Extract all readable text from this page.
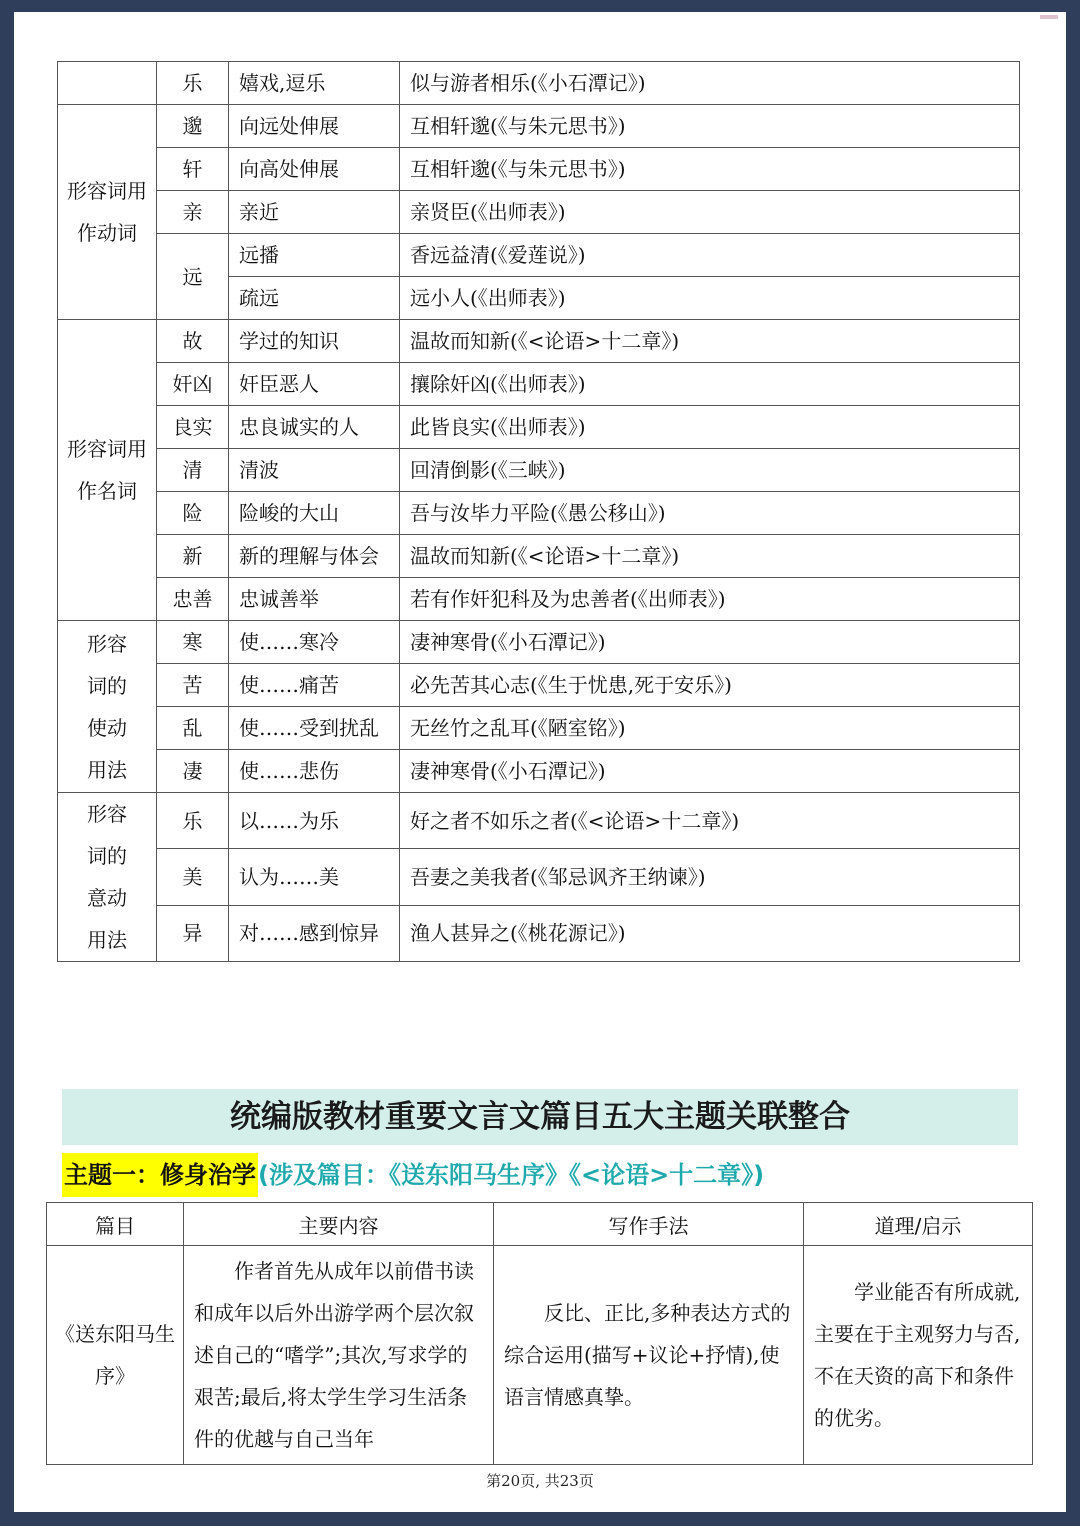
	乐	嬉戏,逗乐	似与游者相乐(《小石潭记》)

形容词用作动词	邈	向远处伸展	互相轩邈(《与朱元思书》)
	轩	向高处伸展	互相轩邈(《与朱元思书》)
	亲	亲近	亲贤臣(《出师表》)
	远	远播	香远益清(《爱莲说》)
		疏远	远小人(《出师表》)

形容词用作名词	故	学过的知识	温故而知新(《<论语>十二章》)
	奸凶	奸臣恶人	攘除奸凶(《出师表》)
	良实	忠良诚实的人	此皆良实(《出师表》)
	清	清波	回清倒影(《三峡》)
	险	险峻的大山	吾与汝毕力平险(《愚公移山》)
	新	新的理解与体会	温故而知新(《<论语>十二章》)
	忠善	忠诚善举	若有作奸犯科及为忠善者(《出师表》)

形容词的使动用法	寒	使……寒冷	凄神寒骨(《小石潭记》)
	苦	使……痛苦	必先苦其心志(《生于忧患,死于安乐》)
	乱	使……受到扰乱	无丝竹之乱耳(《陋室铭》)
	凄	使……悲伤	凄神寒骨(《小石潭记》)

形容词的意动用法	乐	以……为乐	好之者不如乐之者(《<论语>十二章》)
	美	认为……美	吾妻之美我者(《邹忌讽齐王纳谏》)
	异	对……感到惊异	渔人甚异之(《桃花源记》)
统编版教材重要文言文篇目五大主题关联整合
主题一：修身治学(涉及篇目：《送东阳马生序》《<论语>十二章》)
篇目	主要内容	写作手法	道理/启示
《送东阳马生序》	作者首先从成年以前借书读和成年以后外出游学两个层次叙述自己的“嗜学”;其次,写求学的艰苦;最后,将太学生学习生活条件的优越与自己当年	反比、正比,多种表达方式的综合运用(描写+议论+抒情),使语言情感真挚。	学业能否有所成就,主要在于主观努力与否,不在天资的高下和条件的优劣。
第20页, 共23页
